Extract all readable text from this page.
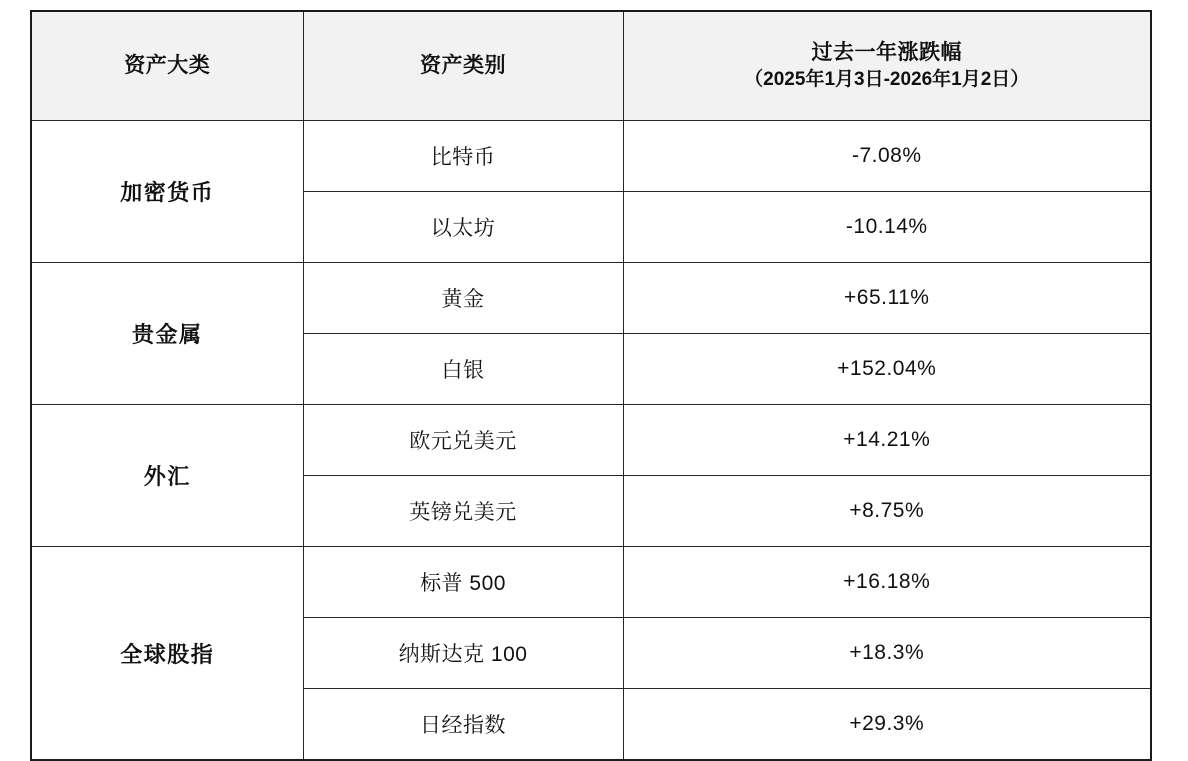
资产大类	资产类别	过去一年涨跌幅
（2025年1月3日-2026年1月2日）

加密货币	比特币	-7.08%
	以太坊	-10.14%
贵金属	黄金	+65.11%
	白银	+152.04%
外汇	欧元兑美元	+14.21%
	英镑兑美元	+8.75%
全球股指	标普 500	+16.18%
	纳斯达克 100	+18.3%
	日经指数	+29.3%
